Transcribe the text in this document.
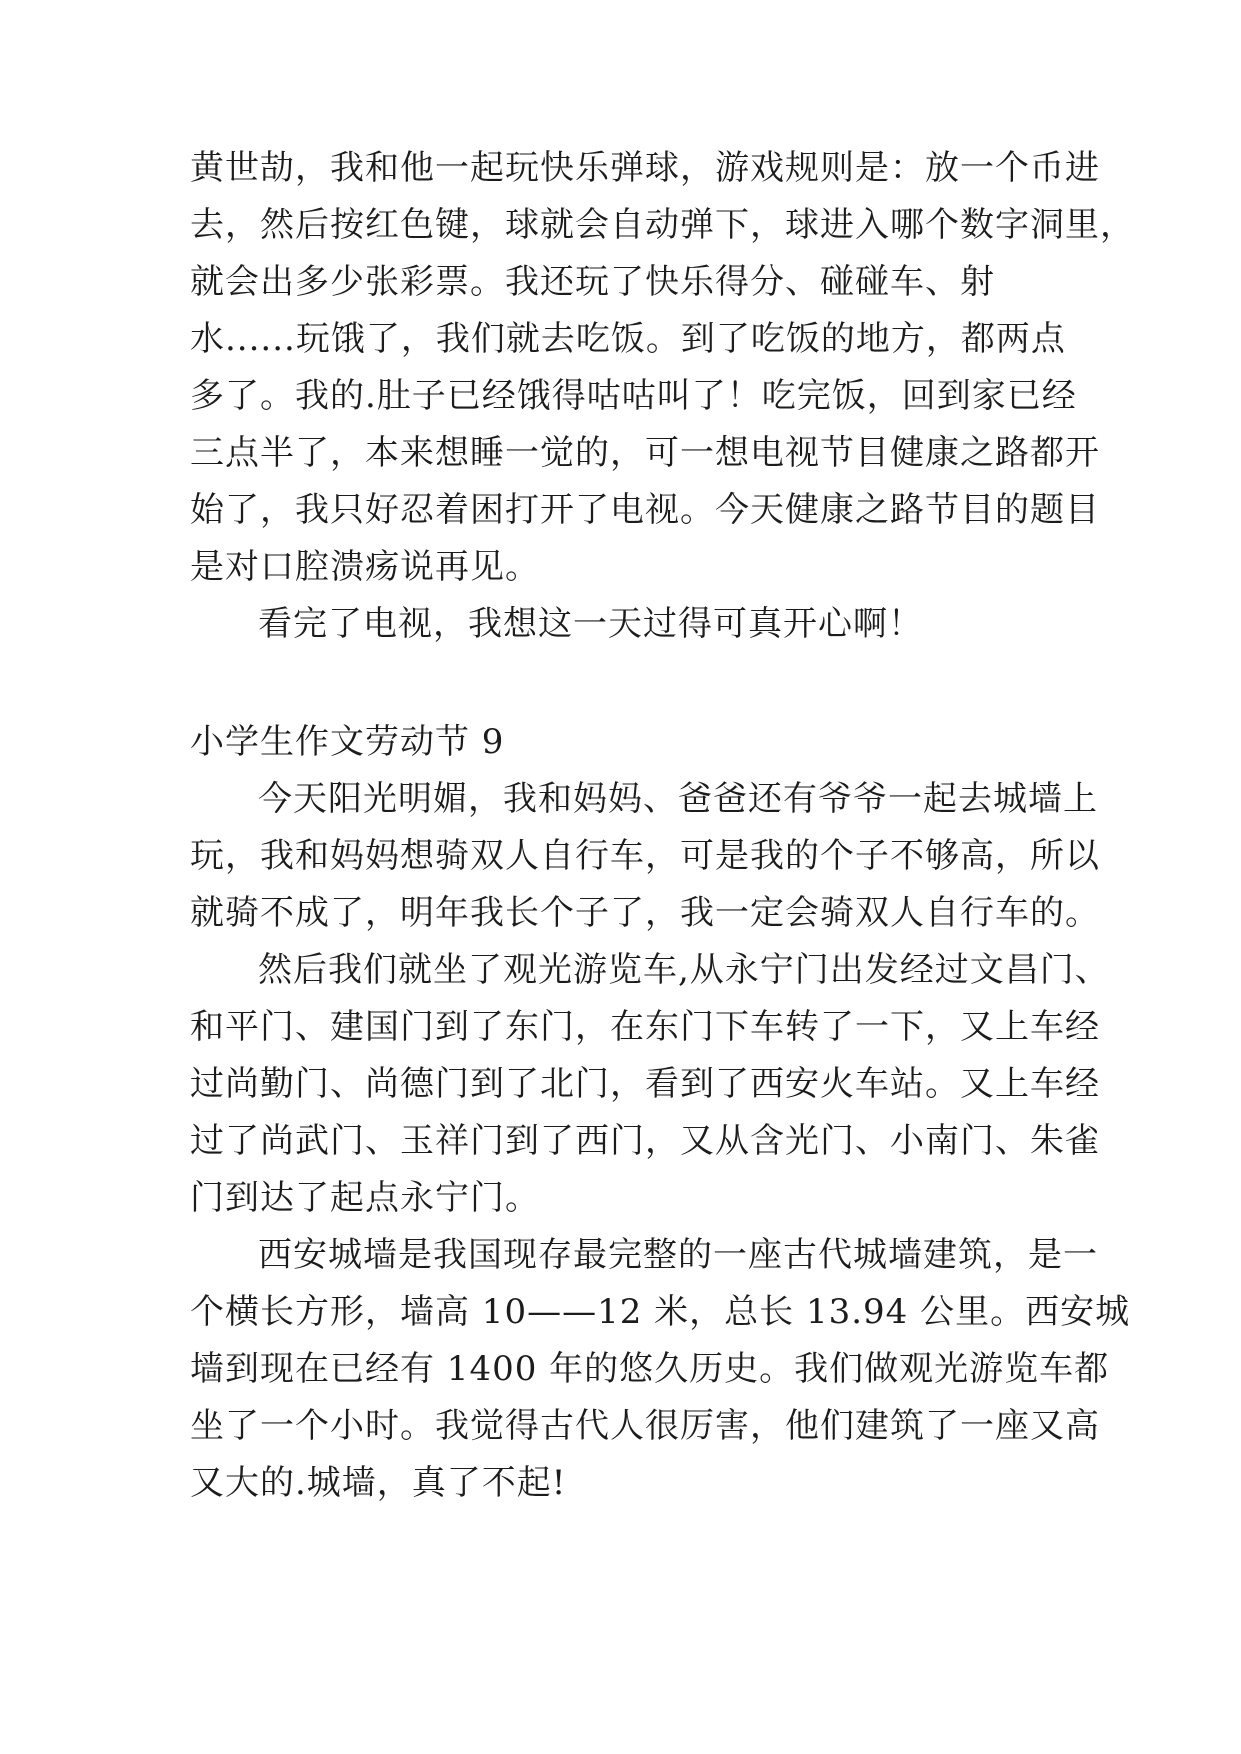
黄世劼，我和他一起玩快乐弹球，游戏规则是：放一个币进
去，然后按红色键，球就会自动弹下，球进入哪个数字洞里，
就会出多少张彩票。我还玩了快乐得分、碰碰车、射
水......玩饿了，我们就去吃饭。到了吃饭的地方，都两点
多了。我的.肚子已经饿得咕咕叫了！吃完饭，回到家已经
三点半了，本来想睡一觉的，可一想电视节目健康之路都开
始了，我只好忍着困打开了电视。今天健康之路节目的题目
是对口腔溃疡说再见。
看完了电视，我想这一天过得可真开心啊！
小学生作文劳动节 9
今天阳光明媚，我和妈妈、爸爸还有爷爷一起去城墙上
玩，我和妈妈想骑双人自行车，可是我的个子不够高，所以
就骑不成了，明年我长个子了，我一定会骑双人自行车的。
然后我们就坐了观光游览车,从永宁门出发经过文昌门、
和平门、建国门到了东门，在东门下车转了一下，又上车经
过尚勤门、尚德门到了北门，看到了西安火车站。又上车经
过了尚武门、玉祥门到了西门，又从含光门、小南门、朱雀
门到达了起点永宁门。
西安城墙是我国现存最完整的一座古代城墙建筑，是一
个横长方形，墙高 10——12 米，总长 13.94 公里。西安城
墙到现在已经有 1400 年的悠久历史。我们做观光游览车都
坐了一个小时。我觉得古代人很厉害，他们建筑了一座又高
又大的.城墙，真了不起!
